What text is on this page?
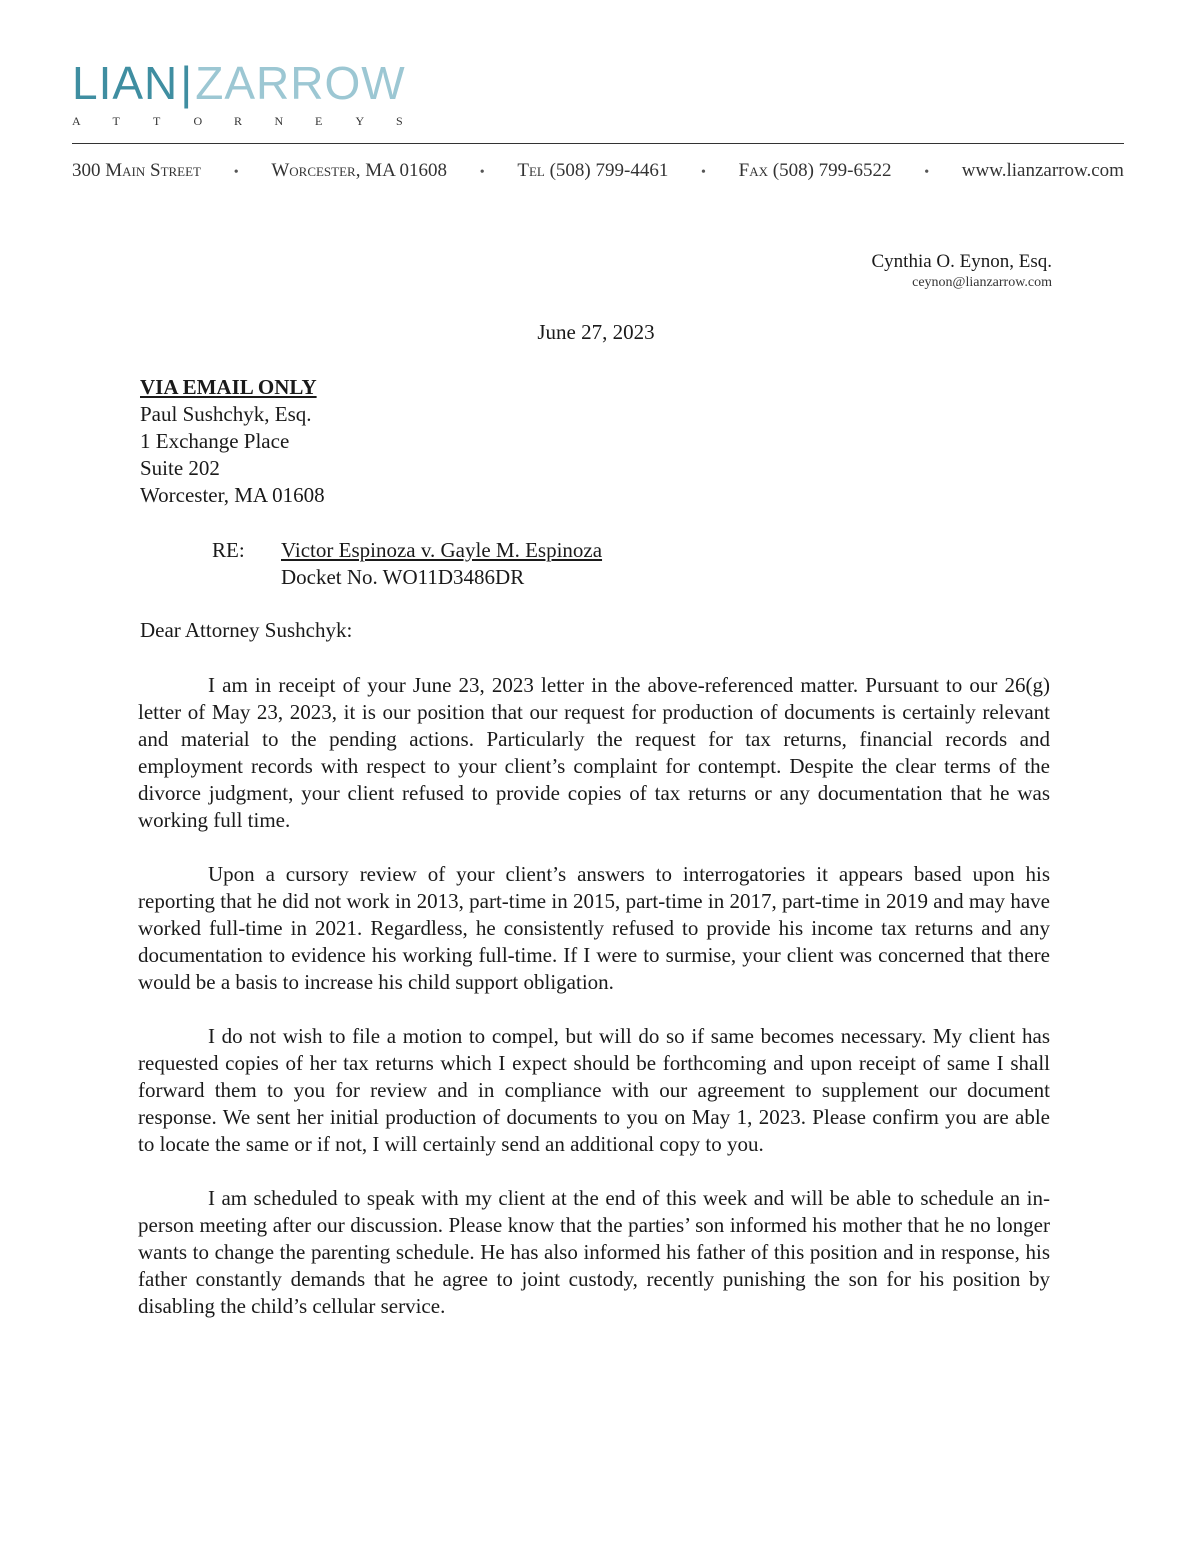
LIAN|ZARROW
A	T	T	O	R	N	E	Y	S
300 Main Street • Worcester, MA 01608 • Tel (508) 799-4461 • Fax (508) 799-6522 • www.lianzarrow.com
Cynthia O. Eynon, Esq.
ceynon@lianzarrow.com
June 27, 2023
VIA EMAIL ONLY
Paul Sushchyk, Esq.
1 Exchange Place
Suite 202
Worcester, MA 01608
RE: Victor Espinoza v. Gayle M. Espinoza
Docket No. WO11D3486DR
Dear Attorney Sushchyk:

I am in receipt of your June 23, 2023 letter in the above-referenced matter. Pursuant to our 26(g) letter of May 23, 2023, it is our position that our request for production of documents is certainly relevant and material to the pending actions. Particularly the request for tax returns, financial records and employment records with respect to your client’s complaint for contempt. Despite the clear terms of the divorce judgment, your client refused to provide copies of tax returns or any documentation that he was working full time.

Upon a cursory review of your client’s answers to interrogatories it appears based upon his reporting that he did not work in 2013, part-time in 2015, part-time in 2017, part-time in 2019 and may have worked full-time in 2021. Regardless, he consistently refused to provide his income tax returns and any documentation to evidence his working full-time. If I were to surmise, your client was concerned that there would be a basis to increase his child support obligation.

I do not wish to file a motion to compel, but will do so if same becomes necessary. My client has requested copies of her tax returns which I expect should be forthcoming and upon receipt of same I shall forward them to you for review and in compliance with our agreement to supplement our document response. We sent her initial production of documents to you on May 1, 2023. Please confirm you are able to locate the same or if not, I will certainly send an additional copy to you.

I am scheduled to speak with my client at the end of this week and will be able to schedule an in-person meeting after our discussion. Please know that the parties’ son informed his mother that he no longer wants to change the parenting schedule. He has also informed his father of this position and in response, his father constantly demands that he agree to joint custody, recently punishing the son for his position by disabling the child’s cellular service.
